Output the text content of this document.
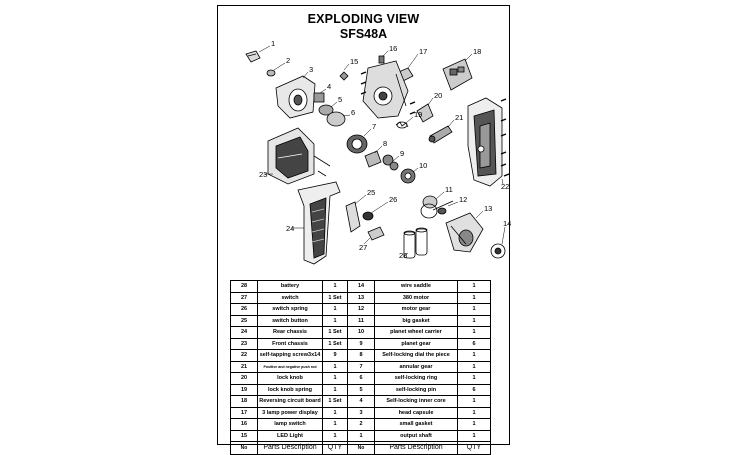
EXPLODING VIEW
SFS48A
1
2
3
4
5
6
7
8
9
10
11
12
13
14
15
16	17	18
19
20
21
22
23
24
25
26
27
28
28	battery	1	14	wire saddle	1
27	switch	1 Set	13	380 motor	1
26	switch spring	1	12	motor gear	1
25	switch button	1	11	big gasket	1
24	Rear chassis	1 Set	10	planet wheel carrier	1
23	Front chassis	1 Set	9	planet gear	6
22	self-tapping screw3x14	9	8	Self-locking dial the piece	1
21	Positive and negative push rod	1	7	annular gear	1
20	lock knob	1	6	self-locking ring	1
19	lock knob spring	1	5	self-locking pin	6
18	Reversing circuit board	1 Set	4	Self-locking inner core	1
17	3 lamp power display	1	3	head capsule	1
16	lamp switch	1	2	small gasket	1
15	LED Light	1	1	output shaft	1
No	Parts Description	QTY	No	Parts Description	QTY
